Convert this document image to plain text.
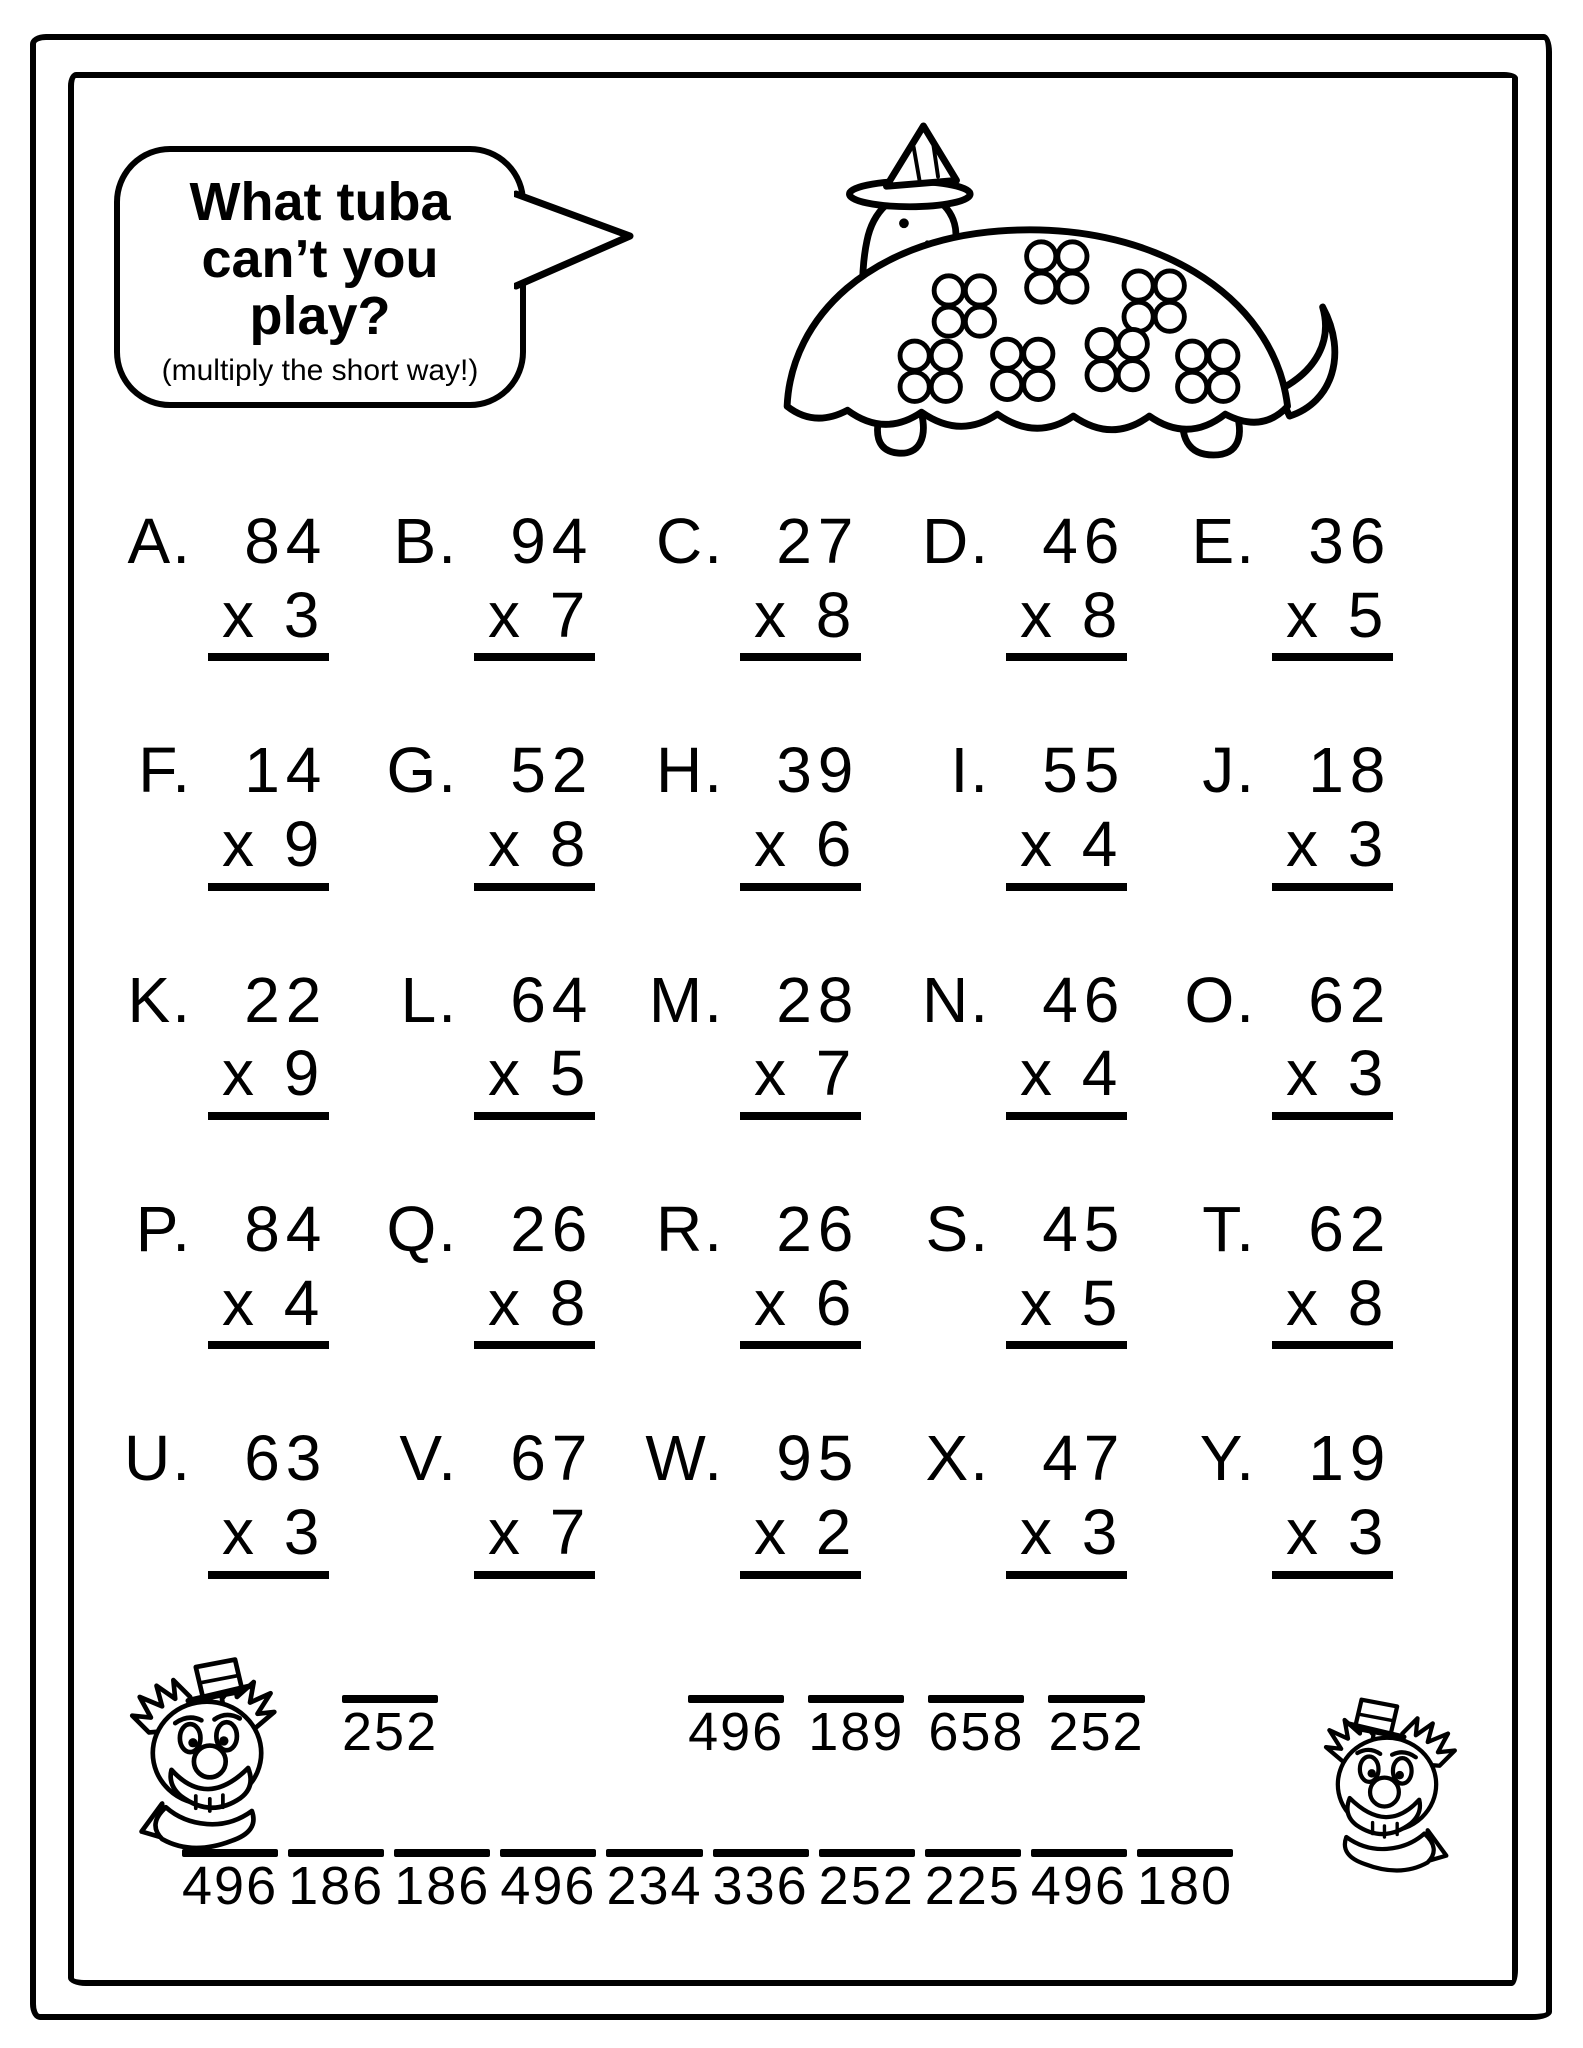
What tuba
can’t you play?
(multiply the short way!)
A. 84
x 3
B. 94
x 7
C. 27
x 8
D. 46
x 8
E. 36
x 5
F. 14
x 9
G. 52
x 8
H. 39
x 6
I. 55
x 4
J. 18
x 3
K. 22
x 9
L. 64
x 5
M. 28
x 7
N. 46
x 4
O. 62
x 3
P. 84
x 4
Q. 26
x 8
R. 26
x 6
S. 45
x 5
T. 62
x 8
U. 63
x 3
V. 67
x 7
W. 95
x 2
X. 47
x 3
Y. 19
x 3
252	496 189 658 252
496 186 186 496 234 336 252 225 496 180
